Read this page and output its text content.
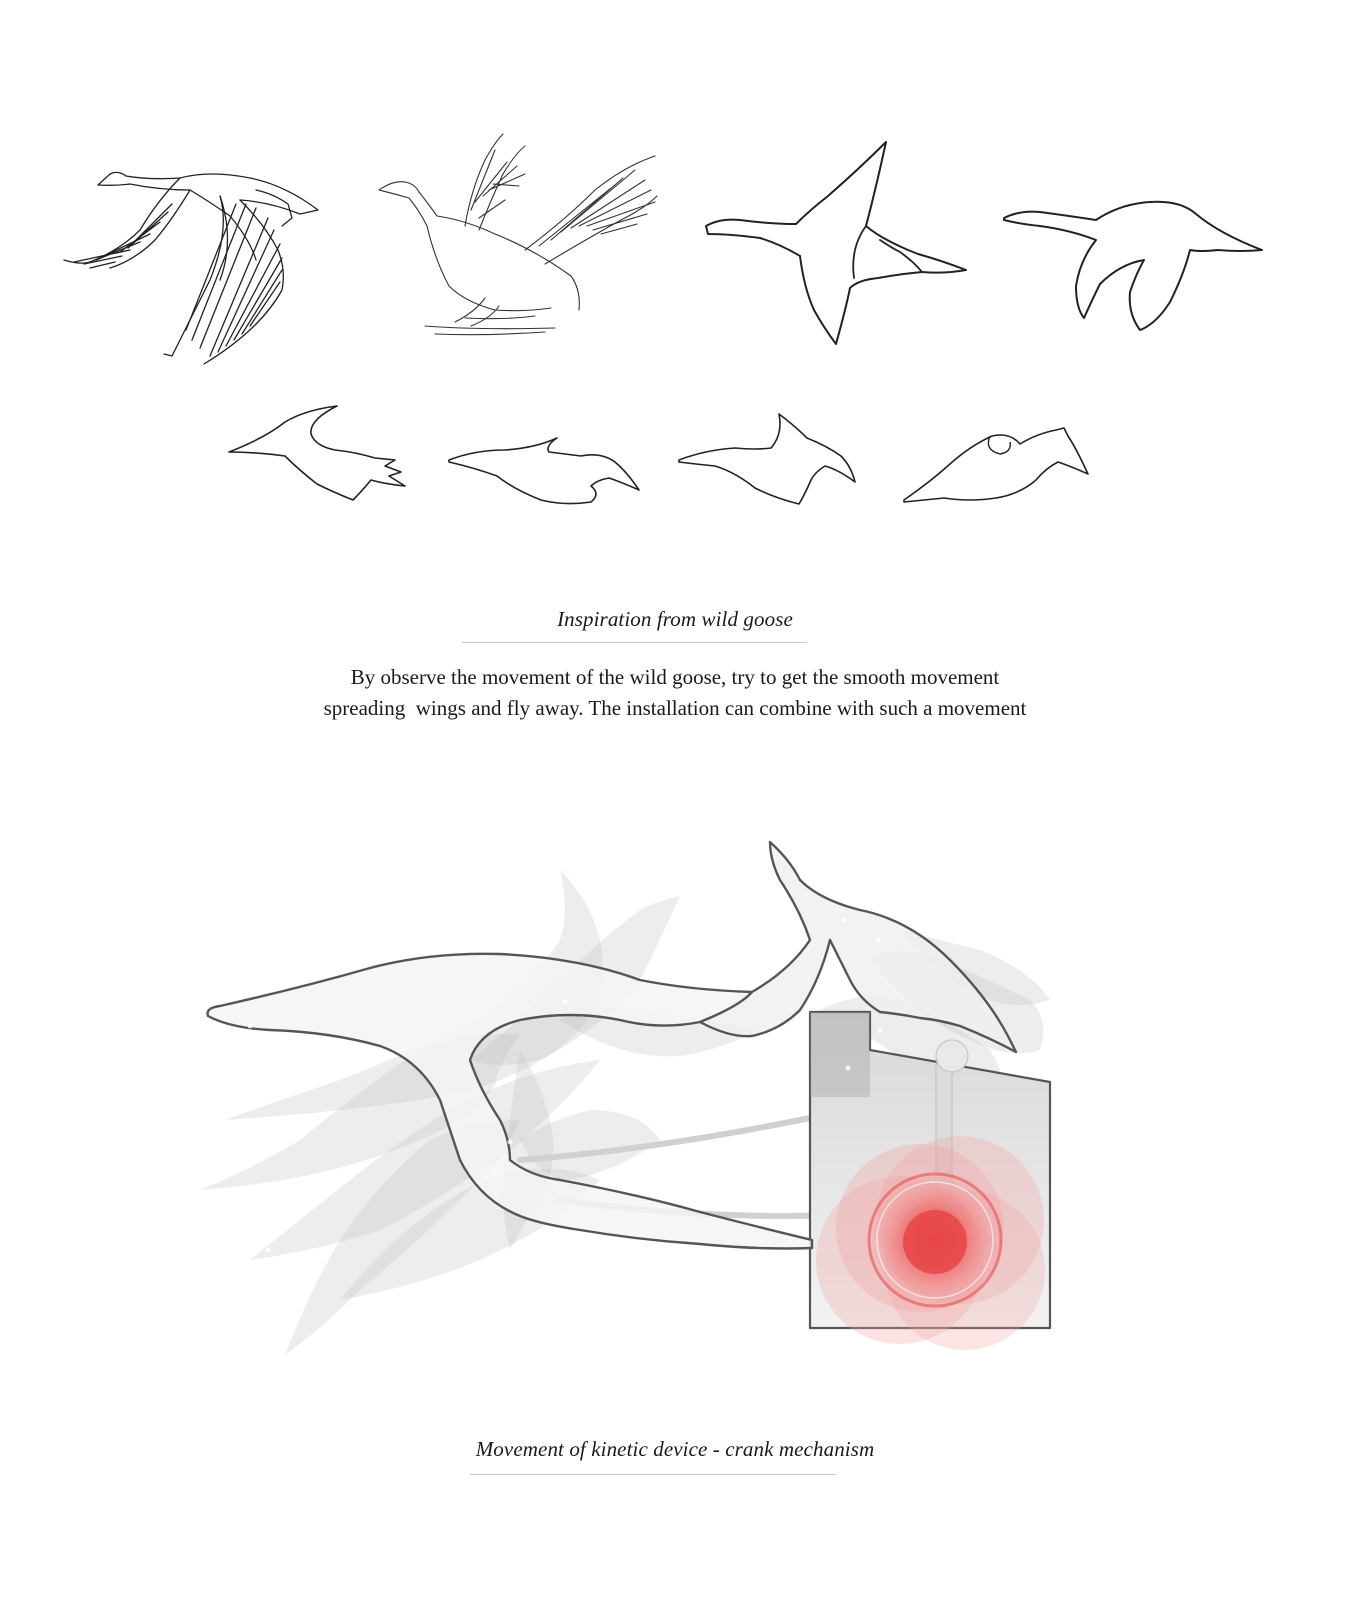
Inspiration from wild goose
By observe the movement of the wild goose, try to get the smooth movement
spreading  wings and fly away. The installation can combine with such a movement
Movement of kinetic device - crank mechanism
